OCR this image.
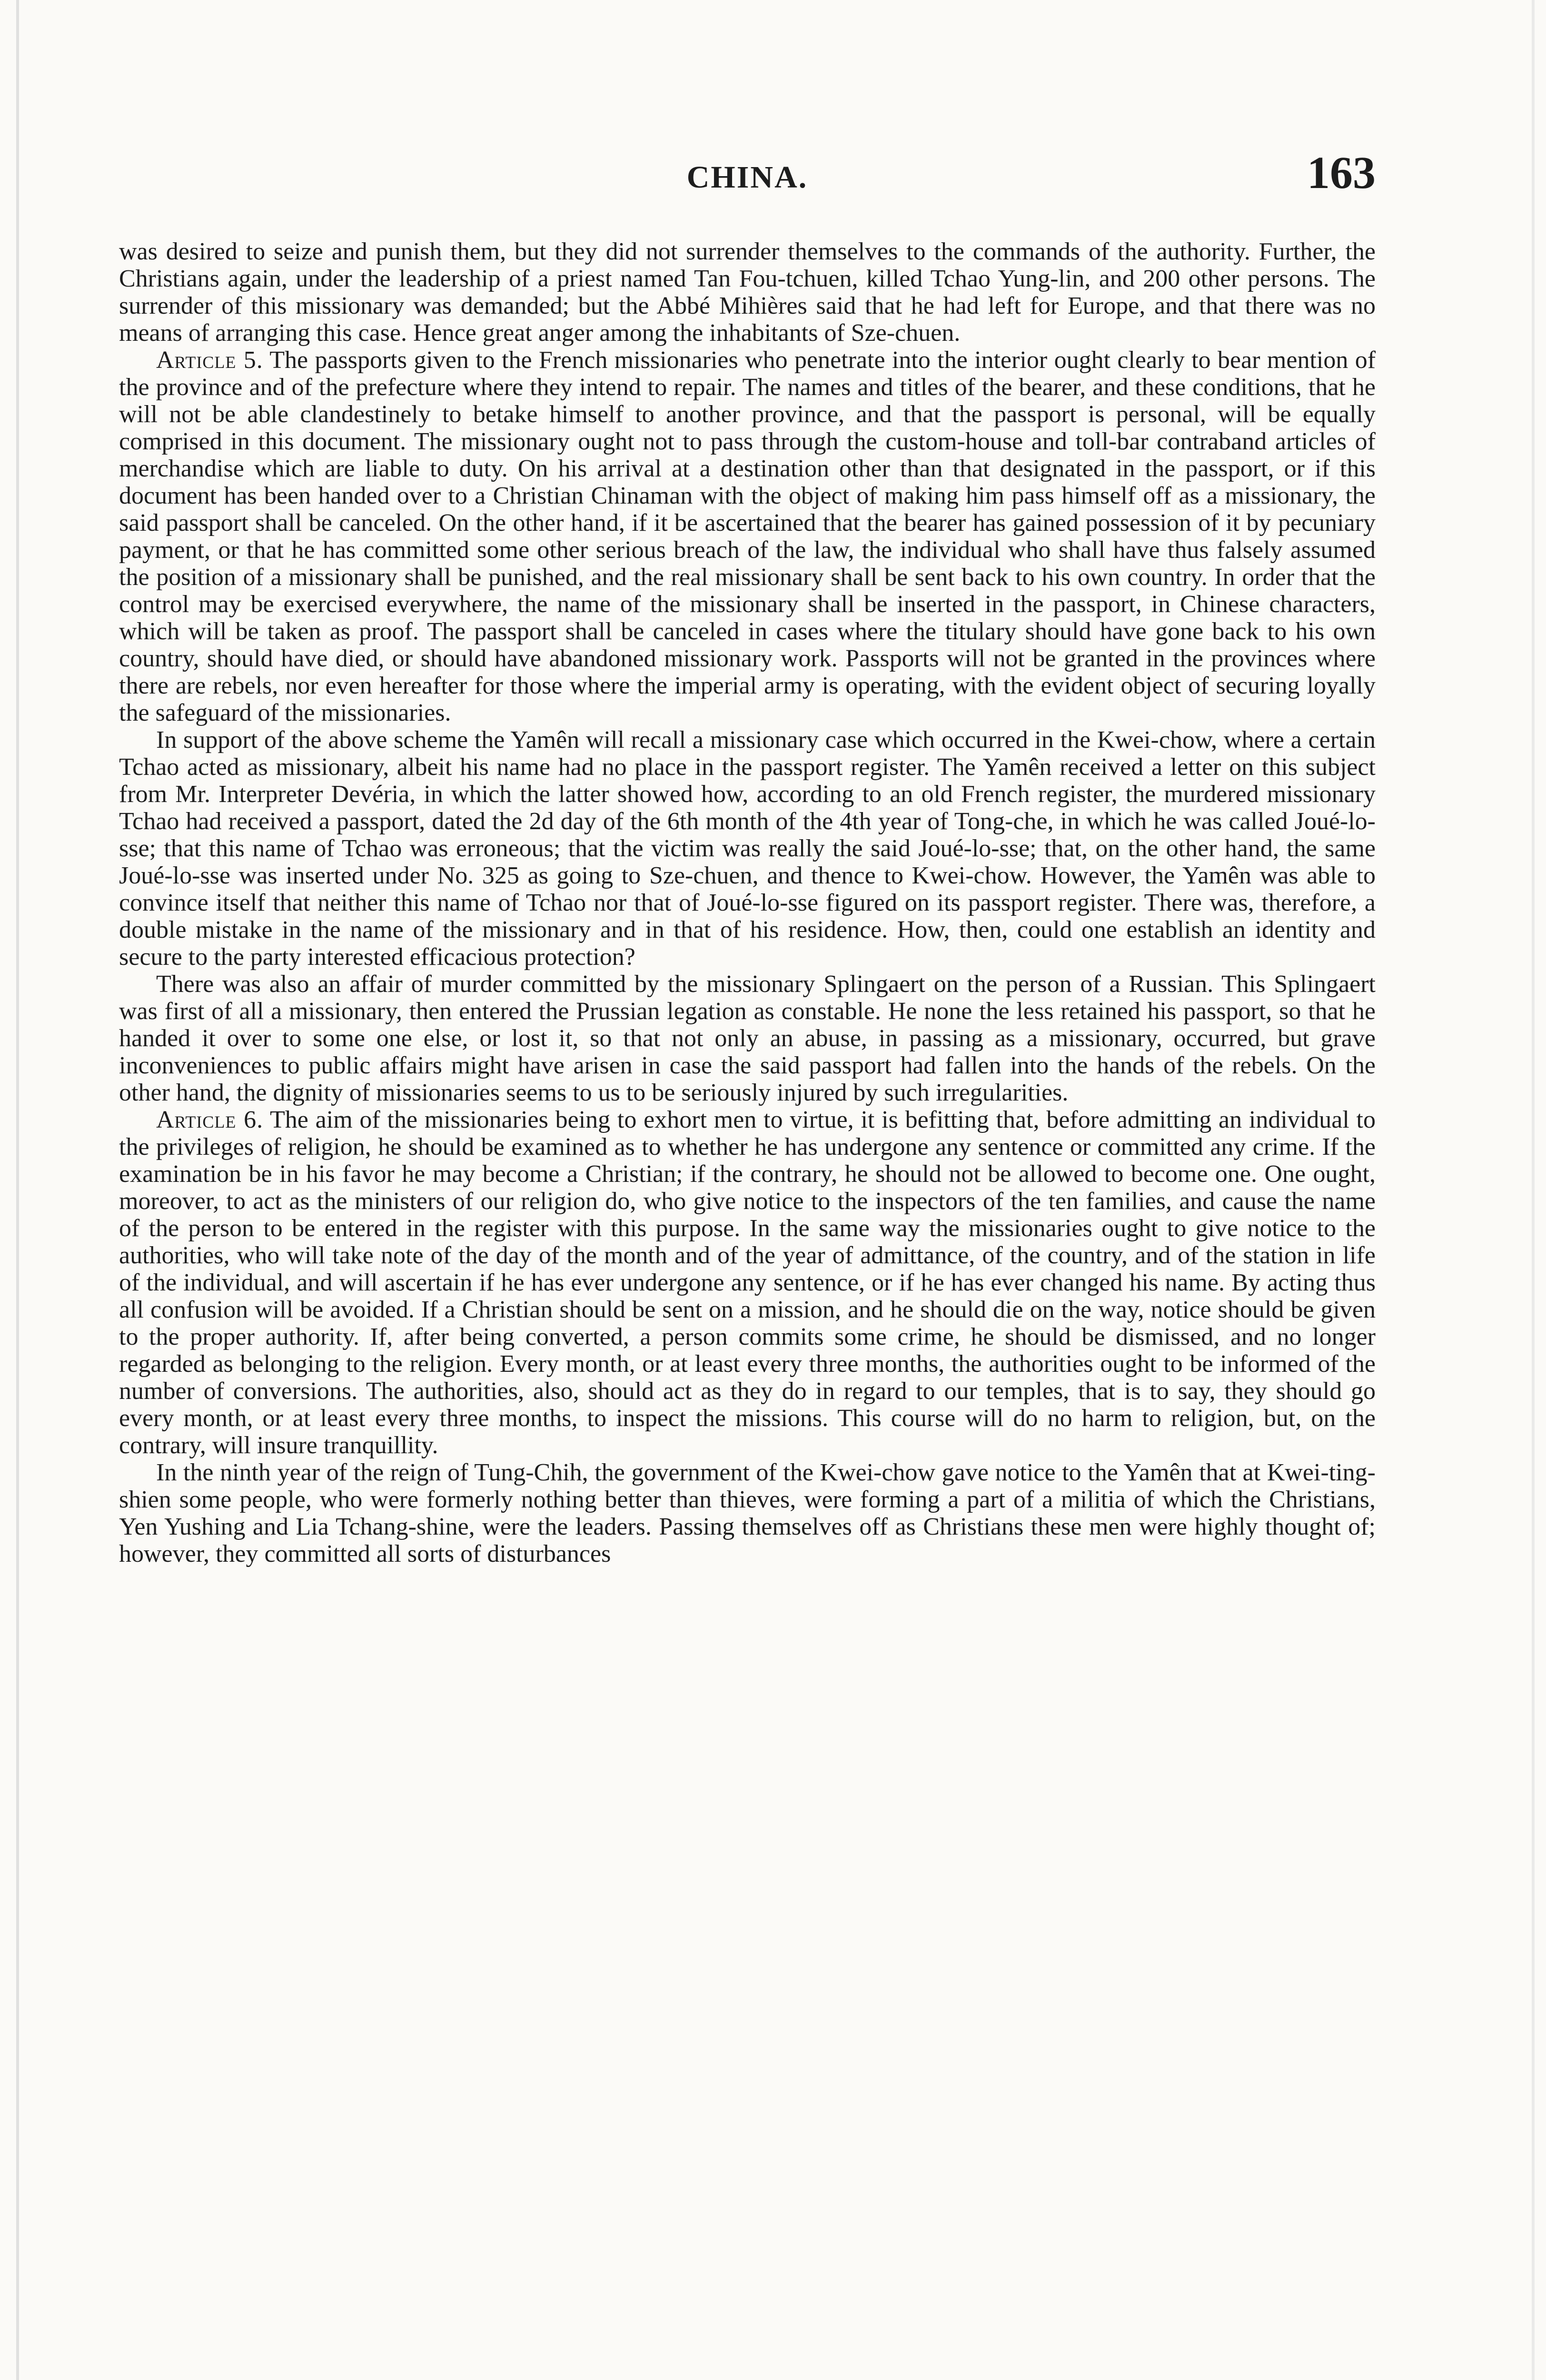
CHINA.	163

was desired to seize and punish them, but they did not surrender themselves to the commands of the authority. Further, the Christians again, under the leadership of a priest named Tan Fou-tchuen, killed Tchao Yung-lin, and 200 other persons. The surrender of this missionary was demanded; but the Abbé Mihières said that he had left for Europe, and that there was no means of arranging this case. Hence great anger among the inhabitants of Sze-chuen.

Article 5. The passports given to the French missionaries who penetrate into the interior ought clearly to bear mention of the province and of the prefecture where they intend to repair. The names and titles of the bearer, and these conditions, that he will not be able clandestinely to betake himself to another province, and that the passport is personal, will be equally comprised in this document. The missionary ought not to pass through the custom-house and toll-bar contraband articles of merchandise which are liable to duty. On his arrival at a destination other than that designated in the passport, or if this document has been handed over to a Christian Chinaman with the object of making him pass himself off as a missionary, the said passport shall be canceled. On the other hand, if it be ascertained that the bearer has gained possession of it by pecuniary payment, or that he has committed some other serious breach of the law, the individual who shall have thus falsely assumed the position of a missionary shall be punished, and the real missionary shall be sent back to his own country. In order that the control may be exercised everywhere, the name of the missionary shall be inserted in the passport, in Chinese characters, which will be taken as proof. The passport shall be canceled in cases where the titulary should have gone back to his own country, should have died, or should have abandoned missionary work. Passports will not be granted in the provinces where there are rebels, nor even hereafter for those where the imperial army is operating, with the evident object of securing loyally the safeguard of the missionaries.

In support of the above scheme the Yamên will recall a missionary case which occurred in the Kwei-chow, where a certain Tchao acted as missionary, albeit his name had no place in the passport register. The Yamên received a letter on this subject from Mr. Interpreter Devéria, in which the latter showed how, according to an old French register, the murdered missionary Tchao had received a passport, dated the 2d day of the 6th month of the 4th year of Tong-che, in which he was called Joué-lo-sse; that this name of Tchao was erroneous; that the victim was really the said Joué-lo-sse; that, on the other hand, the same Joué-lo-sse was inserted under No. 325 as going to Sze-chuen, and thence to Kwei-chow. However, the Yamên was able to convince itself that neither this name of Tchao nor that of Joué-lo-sse figured on its passport register. There was, therefore, a double mistake in the name of the missionary and in that of his residence. How, then, could one establish an identity and secure to the party interested efficacious protection?

There was also an affair of murder committed by the missionary Splingaert on the person of a Russian. This Splingaert was first of all a missionary, then entered the Prussian legation as constable. He none the less retained his passport, so that he handed it over to some one else, or lost it, so that not only an abuse, in passing as a missionary, occurred, but grave inconveniences to public affairs might have arisen in case the said passport had fallen into the hands of the rebels. On the other hand, the dignity of missionaries seems to us to be seriously injured by such irregularities.

Article 6. The aim of the missionaries being to exhort men to virtue, it is befitting that, before admitting an individual to the privileges of religion, he should be examined as to whether he has undergone any sentence or committed any crime. If the examination be in his favor he may become a Christian; if the contrary, he should not be allowed to become one. One ought, moreover, to act as the ministers of our religion do, who give notice to the inspectors of the ten families, and cause the name of the person to be entered in the register with this purpose. In the same way the missionaries ought to give notice to the authorities, who will take note of the day of the month and of the year of admittance, of the country, and of the station in life of the individual, and will ascertain if he has ever undergone any sentence, or if he has ever changed his name. By acting thus all confusion will be avoided. If a Christian should be sent on a mission, and he should die on the way, notice should be given to the proper authority. If, after being converted, a person commits some crime, he should be dismissed, and no longer regarded as belonging to the religion. Every month, or at least every three months, the authorities ought to be informed of the number of conversions. The authorities, also, should act as they do in regard to our temples, that is to say, they should go every month, or at least every three months, to inspect the missions. This course will do no harm to religion, but, on the contrary, will insure tranquillity.

In the ninth year of the reign of Tung-Chih, the government of the Kwei-chow gave notice to the Yamên that at Kwei-ting-shien some people, who were formerly nothing better than thieves, were forming a part of a militia of which the Christians, Yen Yushing and Lia Tchang-shine, were the leaders. Passing themselves off as Christians these men were highly thought of; however, they committed all sorts of disturbances
